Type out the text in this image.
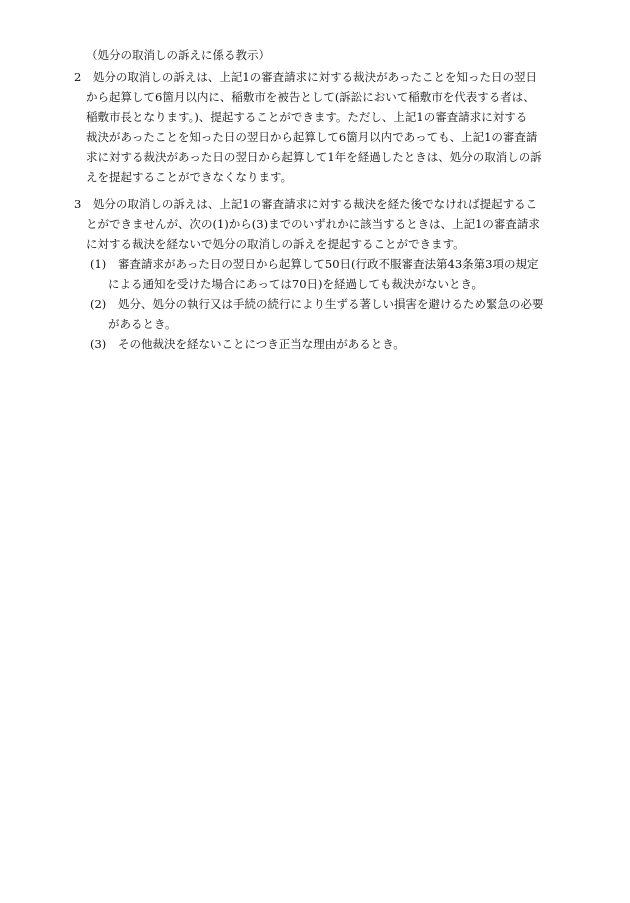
（処分の取消しの訴えに係る教示）
2　処分の取消しの訴えは、上記1の審査請求に対する裁決があったことを知った日の翌日
から起算して6箇月以内に、稲敷市を被告として(訴訟において稲敷市を代表する者は、
稲敷市長となります。)、提起することができます。ただし、上記1の審査請求に対する
裁決があったことを知った日の翌日から起算して6箇月以内であっても、上記1の審査請
求に対する裁決があった日の翌日から起算して1年を経過したときは、処分の取消しの訴
えを提起することができなくなります。
3　処分の取消しの訴えは、上記1の審査請求に対する裁決を経た後でなければ提起するこ
とができませんが、次の(1)から(3)までのいずれかに該当するときは、上記1の審査請求
に対する裁決を経ないで処分の取消しの訴えを提起することができます。
(1) 審査請求があった日の翌日から起算して50日(行政不服審査法第43条第3項の規定
による通知を受けた場合にあっては70日)を経過しても裁決がないとき。
(2) 処分、処分の執行又は手続の続行により生ずる著しい損害を避けるため緊急の必要
があるとき。
(3) その他裁決を経ないことにつき正当な理由があるとき。
